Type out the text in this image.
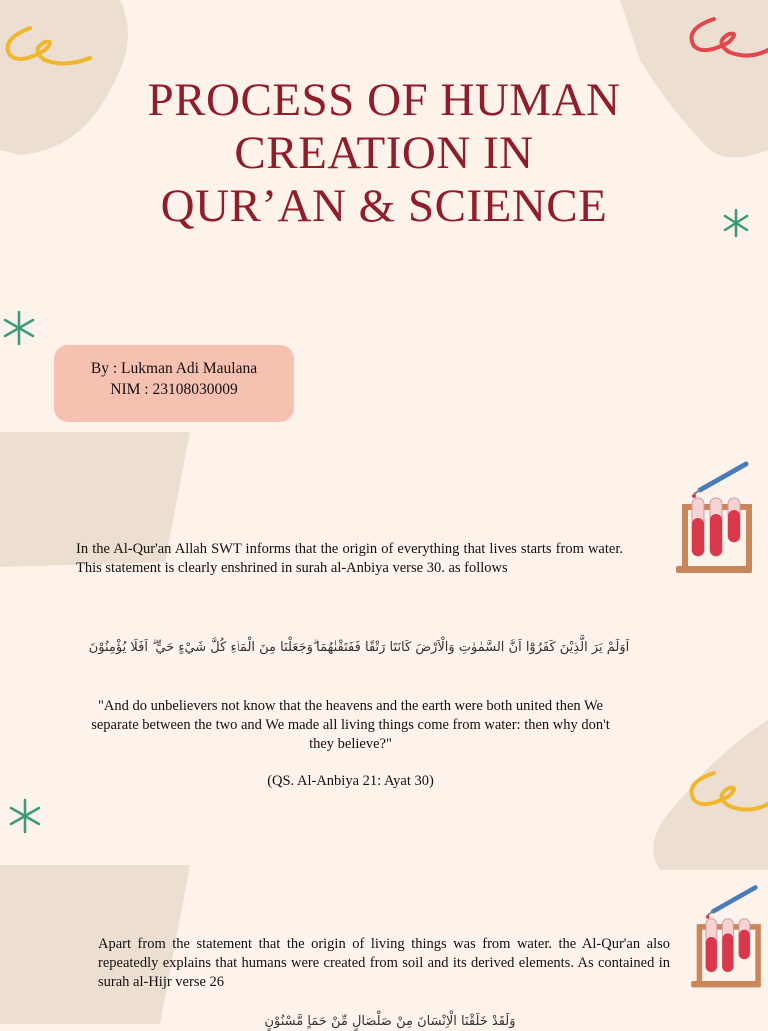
PROCESS OF HUMAN
CREATION IN
QUR’AN & SCIENCE
By : Lukman Adi Maulana
NIM : 23108030009
In the Al-Qur'an Allah SWT informs that the origin of everything that lives starts from water. This statement is clearly enshrined in surah al-Anbiya verse 30. as follows
اَوَلَمْ يَرَ الَّذِيْنَ كَفَرُوْٓا اَنَّ السَّمٰوٰتِ وَالْاَرْضَ كَانَتَا رَتْقًا فَفَتَقْنٰهُمَا ۗوَجَعَلْنَا مِنَ الْمَاۤءِ كُلَّ شَيْءٍ حَيٍّ ۗ اَفَلَا يُؤْمِنُوْنَ
"And do unbelievers not know that the heavens and the earth were both united then We separate between the two and We made all living things come from water: then why don't they believe?"
(QS. Al-Anbiya 21: Ayat 30)
Apart from the statement that the origin of living things was from water. the Al-Qur'an also repeatedly explains that humans were created from soil and its derived elements. As contained in surah al-Hijr verse 26
وَلَقَدْ خَلَقْنَا الْاِنْسَانَ مِنْ صَلْصَالٍ مِّنْ حَمَاٍ مَّسْنُوْنٍ
